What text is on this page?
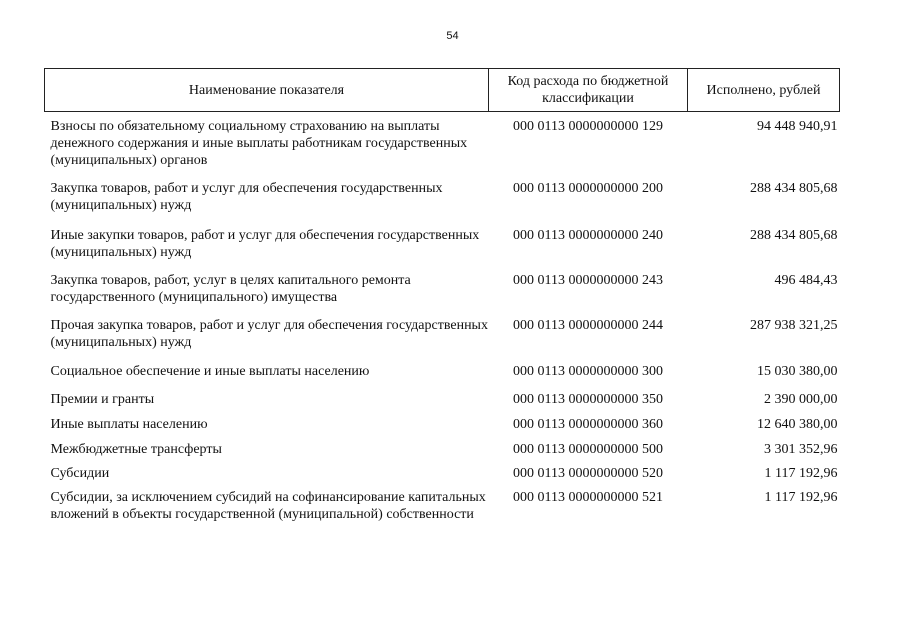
54
Наименование показателя	Код расхода по бюджетной классификации	Исполнено, рублей
Взносы по обязательному социальному страхованию на выплаты денежного содержания и иные выплаты работникам государственных (муниципальных) органов	000 0113 0000000000 129	94 448 940,91
Закупка товаров, работ и услуг для обеспечения государственных (муниципальных) нужд	000 0113 0000000000 200	288 434 805,68
Иные закупки товаров, работ и услуг для обеспечения государственных (муниципальных) нужд	000 0113 0000000000 240	288 434 805,68
Закупка товаров, работ, услуг в целях капитального ремонта государственного (муниципального) имущества	000 0113 0000000000 243	496 484,43
Прочая закупка товаров, работ и услуг для обеспечения государственных (муниципальных) нужд	000 0113 0000000000 244	287 938 321,25
Социальное обеспечение и иные выплаты населению	000 0113 0000000000 300	15 030 380,00
Премии и гранты	000 0113 0000000000 350	2 390 000,00
Иные выплаты населению	000 0113 0000000000 360	12 640 380,00
Межбюджетные трансферты	000 0113 0000000000 500	3 301 352,96
Субсидии	000 0113 0000000000 520	1 117 192,96
Субсидии, за исключением субсидий на софинансирование капитальных вложений в объекты государственной (муниципальной) собственности	000 0113 0000000000 521	1 117 192,96
